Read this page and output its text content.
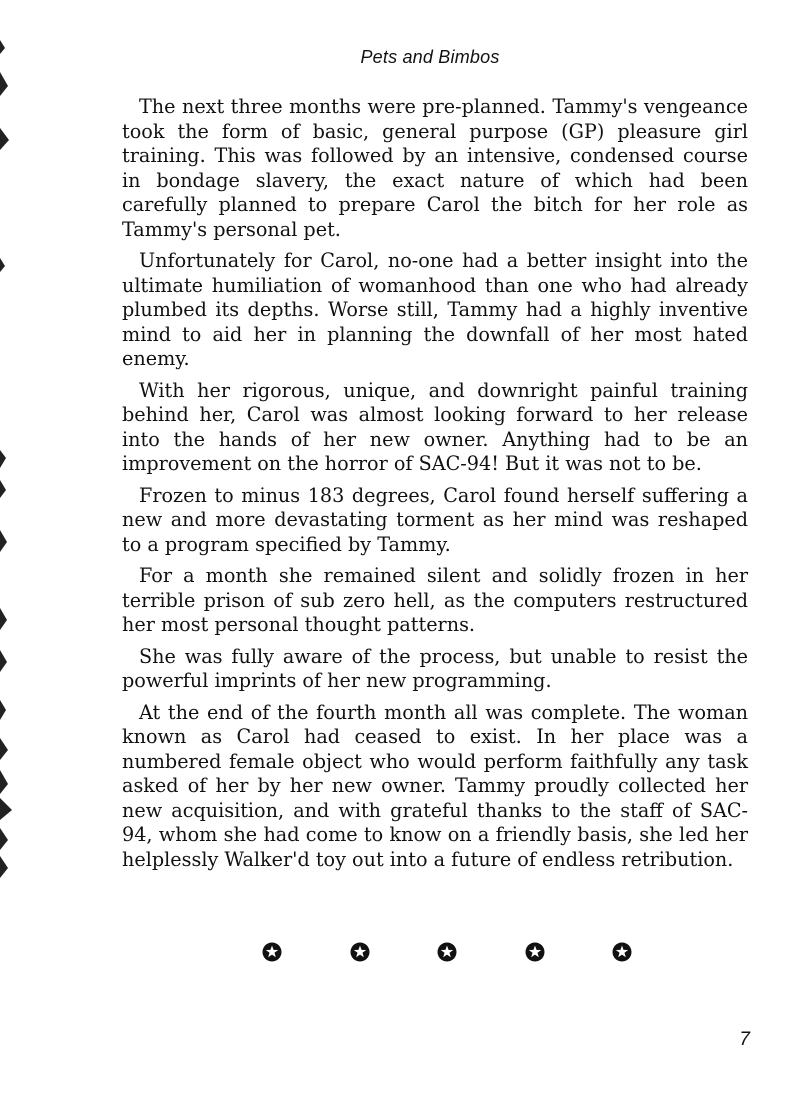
Pets and Bimbos

The next three months were pre-planned. Tammy's vengeance took the form of basic, general purpose (GP) pleasure girl training. This was followed by an intensive, condensed course in bondage slavery, the exact nature of which had been carefully planned to prepare Carol the bitch for her role as Tammy's personal pet.

Unfortunately for Carol, no-one had a better insight into the ultimate humiliation of womanhood than one who had already plumbed its depths. Worse still, Tammy had a highly inventive mind to aid her in planning the downfall of her most hated enemy.

With her rigorous, unique, and downright painful training behind her, Carol was almost looking forward to her release into the hands of her new owner. Anything had to be an improvement on the horror of SAC-94! But it was not to be.

Frozen to minus 183 degrees, Carol found herself suffering a new and more devastating torment as her mind was reshaped to a program specified by Tammy.

For a month she remained silent and solidly frozen in her terrible prison of sub zero hell, as the computers restructured her most personal thought patterns.

She was fully aware of the process, but unable to resist the powerful imprints of her new programming.

At the end of the fourth month all was complete. The woman known as Carol had ceased to exist. In her place was a numbered female object who would perform faithfully any task asked of her by her new owner. Tammy proudly collected her new acquisition, and with grateful thanks to the staff of SAC-94, whom she had come to know on a friendly basis, she led her helplessly Walker'd toy out into a future of endless retribution.

7
